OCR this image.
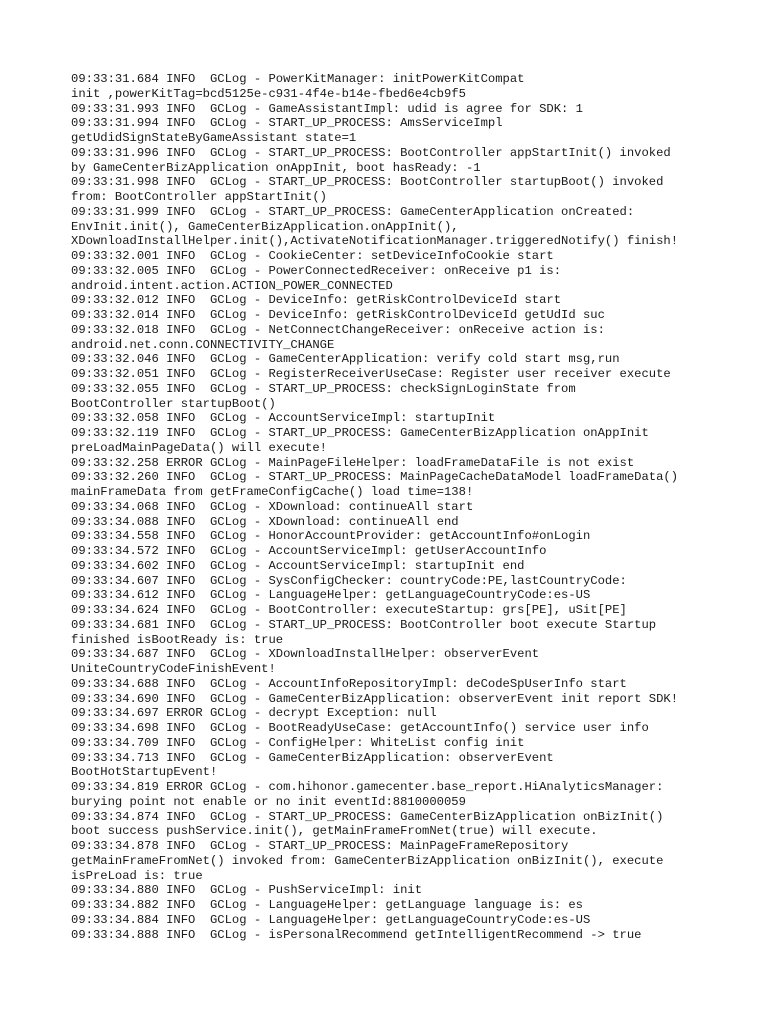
09:33:31.684 INFO  GCLog - PowerKitManager: initPowerKitCompat
init ,powerKitTag=bcd5125e-c931-4f4e-b14e-fbed6e4cb9f5
09:33:31.993 INFO  GCLog - GameAssistantImpl: udid is agree for SDK: 1
09:33:31.994 INFO  GCLog - START_UP_PROCESS: AmsServiceImpl
getUdidSignStateByGameAssistant state=1
09:33:31.996 INFO  GCLog - START_UP_PROCESS: BootController appStartInit() invoked
by GameCenterBizApplication onAppInit, boot hasReady: -1
09:33:31.998 INFO  GCLog - START_UP_PROCESS: BootController startupBoot() invoked
from: BootController appStartInit()
09:33:31.999 INFO  GCLog - START_UP_PROCESS: GameCenterApplication onCreated:
EnvInit.init(), GameCenterBizApplication.onAppInit(),
XDownloadInstallHelper.init(),ActivateNotificationManager.triggeredNotify() finish!
09:33:32.001 INFO  GCLog - CookieCenter: setDeviceInfoCookie start
09:33:32.005 INFO  GCLog - PowerConnectedReceiver: onReceive p1 is:
android.intent.action.ACTION_POWER_CONNECTED
09:33:32.012 INFO  GCLog - DeviceInfo: getRiskControlDeviceId start
09:33:32.014 INFO  GCLog - DeviceInfo: getRiskControlDeviceId getUdId suc
09:33:32.018 INFO  GCLog - NetConnectChangeReceiver: onReceive action is:
android.net.conn.CONNECTIVITY_CHANGE
09:33:32.046 INFO  GCLog - GameCenterApplication: verify cold start msg,run
09:33:32.051 INFO  GCLog - RegisterReceiverUseCase: Register user receiver execute
09:33:32.055 INFO  GCLog - START_UP_PROCESS: checkSignLoginState from
BootController startupBoot()
09:33:32.058 INFO  GCLog - AccountServiceImpl: startupInit
09:33:32.119 INFO  GCLog - START_UP_PROCESS: GameCenterBizApplication onAppInit
preLoadMainPageData() will execute!
09:33:32.258 ERROR GCLog - MainPageFileHelper: loadFrameDataFile is not exist
09:33:32.260 INFO  GCLog - START_UP_PROCESS: MainPageCacheDataModel loadFrameData()
mainFrameData from getFrameConfigCache() load time=138!
09:33:34.068 INFO  GCLog - XDownload: continueAll start
09:33:34.088 INFO  GCLog - XDownload: continueAll end
09:33:34.558 INFO  GCLog - HonorAccountProvider: getAccountInfo#onLogin
09:33:34.572 INFO  GCLog - AccountServiceImpl: getUserAccountInfo
09:33:34.602 INFO  GCLog - AccountServiceImpl: startupInit end
09:33:34.607 INFO  GCLog - SysConfigChecker: countryCode:PE,lastCountryCode:
09:33:34.612 INFO  GCLog - LanguageHelper: getLanguageCountryCode:es-US
09:33:34.624 INFO  GCLog - BootController: executeStartup: grs[PE], uSit[PE]
09:33:34.681 INFO  GCLog - START_UP_PROCESS: BootController boot execute Startup
finished isBootReady is: true
09:33:34.687 INFO  GCLog - XDownloadInstallHelper: observerEvent
UniteCountryCodeFinishEvent!
09:33:34.688 INFO  GCLog - AccountInfoRepositoryImpl: deCodeSpUserInfo start
09:33:34.690 INFO  GCLog - GameCenterBizApplication: observerEvent init report SDK!
09:33:34.697 ERROR GCLog - decrypt Exception: null
09:33:34.698 INFO  GCLog - BootReadyUseCase: getAccountInfo() service user info
09:33:34.709 INFO  GCLog - ConfigHelper: WhiteList config init
09:33:34.713 INFO  GCLog - GameCenterBizApplication: observerEvent
BootHotStartupEvent!
09:33:34.819 ERROR GCLog - com.hihonor.gamecenter.base_report.HiAnalyticsManager:
burying point not enable or no init eventId:8810000059
09:33:34.874 INFO  GCLog - START_UP_PROCESS: GameCenterBizApplication onBizInit()
boot success pushService.init(), getMainFrameFromNet(true) will execute.
09:33:34.878 INFO  GCLog - START_UP_PROCESS: MainPageFrameRepository
getMainFrameFromNet() invoked from: GameCenterBizApplication onBizInit(), execute
isPreLoad is: true
09:33:34.880 INFO  GCLog - PushServiceImpl: init
09:33:34.882 INFO  GCLog - LanguageHelper: getLanguage language is: es
09:33:34.884 INFO  GCLog - LanguageHelper: getLanguageCountryCode:es-US
09:33:34.888 INFO  GCLog - isPersonalRecommend getIntelligentRecommend -> true
